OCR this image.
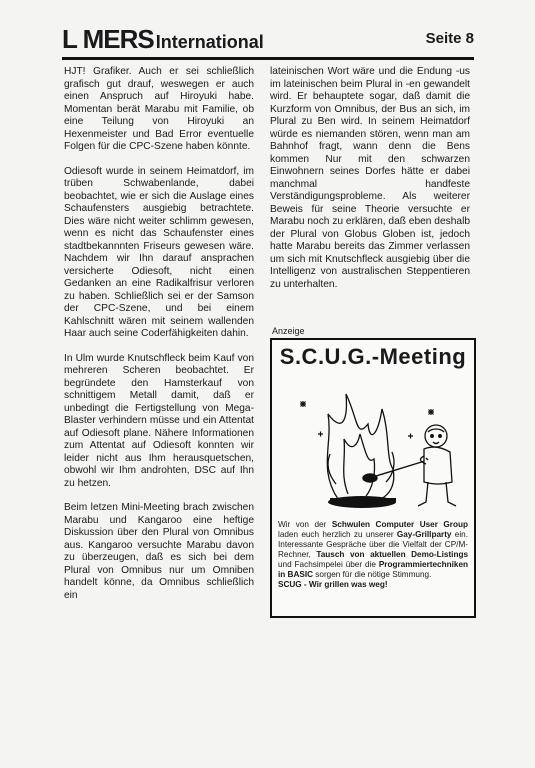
L MERS International	Seite 8

HJT! Grafiker. Auch er sei schließlich grafisch gut drauf, weswegen er auch einen Anspruch auf Hiroyuki habe. Momentan berät Marabu mit Familie, ob eine Teilung von Hiroyuki an Hexenmeister und Bad Error eventuelle Folgen für die CPC-Szene haben könnte.

Odiesoft wurde in seinem Heimatdorf, im trüben Schwabenlande, dabei beobachtet, wie er sich die Auslage eines Schaufensters ausgiebig betrachtete. Dies wäre nicht weiter schlimm gewesen, wenn es nicht das Schaufenster eines stadtbekannnten Friseurs gewesen wäre. Nachdem wir Ihn darauf ansprachen versicherte Odiesoft, nicht einen Gedanken an eine Radikalfrisur verloren zu haben. Schließlich sei er der Samson der CPC-Szene, und bei einem Kahlschnitt wären mit seinem wallenden Haar auch seine Coderfähigkeiten dahin.

In Ulm wurde Knutschfleck beim Kauf von mehreren Scheren beobachtet. Er begründete den Hamsterkauf von schnittigem Metall damit, daß er unbedingt die Fertigstellung von Mega-Blaster verhindern müsse und ein Attentat auf Odiesoft plane. Nähere Informationen zum Attentat auf Odiesoft konnten wir leider nicht aus Ihm herausquetschen, obwohl wir Ihm androhten, DSC auf Ihn zu hetzen.

Beim letzen Mini-Meeting brach zwischen Marabu und Kangaroo eine heftige Diskussion über den Plural von Omnibus aus. Kangaroo versuchte Marabu davon zu überzeugen, daß es sich bei dem Plural von Omnibus nur um Omniben handelt könne, da Omnibus schließlich ein

lateinischen Wort wäre und die Endung -us im lateinischen beim Plural in -en gewandelt wird. Er behauptete sogar, daß damit die Kurzform von Omnibus, der Bus an sich, im Plural zu Ben wird. In seinem Heimatdorf würde es niemanden stören, wenn man am Bahnhof fragt, wann denn die Bens kommen Nur mit den schwarzen Einwohnern seines Dorfes hätte er dabei manchmal handfeste Verständigungsprobleme. Als weiterer Beweis für seine Theorie versuchte er Marabu noch zu erklären, daß eben deshalb der Plural von Globus Globen ist, jedoch hatte Marabu bereits das Zimmer verlassen um sich mit Knutschfleck ausgiebig über die Intelligenz von australischen Steppentieren zu unterhalten.

Anzeige
S.C.U.G.-Meeting
Wir von der Schwulen Computer User Group laden euch herzlich zu unserer Gay-Grillparty ein. Interessante Gespräche über die Vielfalt der CP/M-Rechner, Tausch von aktuellen Demo-Listings und Fachsimpelei über die Programmiertechniken in BASIC sorgen für die nötige Stimmung.
SCUG - Wir grillen was weg!
